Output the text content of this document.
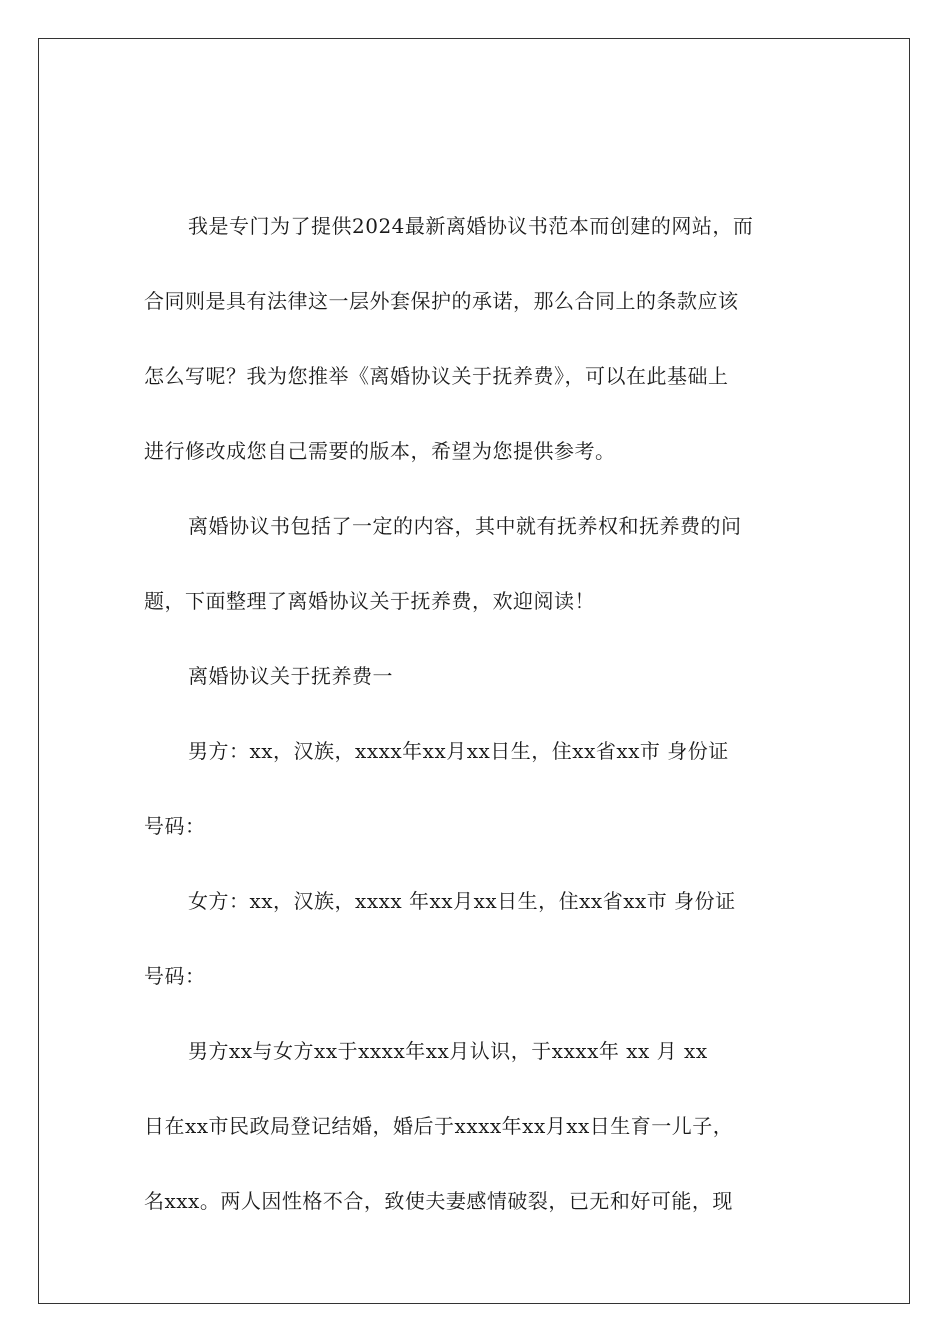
我是专门为了提供2024最新离婚协议书范本而创建的网站，而
合同则是具有法律这一层外套保护的承诺，那么合同上的条款应该
怎么写呢？我为您推举《离婚协议关于抚养费》，可以在此基础上
进行修改成您自己需要的版本，希望为您提供参考。
离婚协议书包括了一定的内容，其中就有抚养权和抚养费的问
题，下面整理了离婚协议关于抚养费，欢迎阅读！
离婚协议关于抚养费一
男方：xx，汉族，xxxx年xx月xx日生，住xx省xx市 身份证
号码：
女方：xx，汉族，xxxx 年xx月xx日生，住xx省xx市 身份证
号码：
男方xx与女方xx于xxxx年xx月认识，于xxxx年 xx 月 xx
日在xx市民政局登记结婚，婚后于xxxx年xx月xx日生育一儿子，
名xxx。两人因性格不合，致使夫妻感情破裂，已无和好可能，现
